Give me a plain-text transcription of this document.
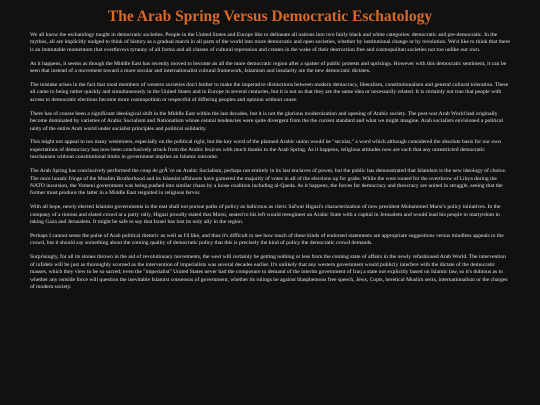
The Arab Spring Versus Democratic Eschatology

We all know the eschatology taught in democratic societies. People in the United States and Europe like to delineate all nations into two fairly black and white categories: democratic and pre-democratic. In the mythos, all are implicitly nudged to think of history as a gradual march in all parts of the world into more democratic and open societies, whether by institutional change or by revolution. We'd like to think that there is an immutable momentum that overthrows tyranny of all forms and all classes of cultural repression and creates in the wake of their destruction free and cosmopolitan societies not too unlike our own.

As it happens, it seems as though the Middle East has recently moved to become an all the more democratic region after a spatter of public protests and uprisings. However with this democratic sentiment, it can be seen that instead of a movement toward a more secular and internationalist cultural framework, Islamism and insularity are the new democratic dictates.

The mistake arises in the fact that most members of western societies don't bother to make the imperative distinctions between modern democracy, liberalism, constitutionalism and general cultural toleration. These all came to being rather quickly and simultaneously in the United States and in Europe in several centuries, but it is not so that they are the same idea or necessarily related. It is certainly not true that people with access to democratic elections become more cosmopolitan or respectful of differing peoples and opinion without cause.

There has of course been a significant ideological shift in the Middle East within the last decades, but it is not the glorious modernization and opening of Arabic society. The post-war Arab World had originally become dominated by varieties of Arabic Socialism and Nationalism whose central tendencies were quite divergent from the the current standard and what we might imagine. Arab socialists envisioned a political unity of the entire Arab world under socialist principles and political solidarity.

This might not appeal to too many westerners, especially on the political right, but the key word of the planned Arabic union would be "secular," a word which although considered the absolute basis for our own expectations of democracy has now been conclusively struck from the Arabic lexicon with much thanks to the Arab Spring. As it happens, religious attitudes now are such that any unrestricted democratic mechanism without constitutional limits in government implies an Islamic outcome.

The Arab Spring has conclusively performed the coup de grÂ¨ce on Arabic Socialism, perhaps not entirely in its last enclaves of power, but the public has demonstrated that Islamism is the new ideology of choice. The once lunatic fringe of the Muslim Brotherhood and its Islamist offshoots have garnered the majority of votes in all of the elections up for grabs. While the west rooted for the overthrow of Libya during the NATO incursion, the Yemeni government was being pushed into similar chaos by a loose coalition including al-Qaeda. As it happens, the forces for democracy and theocracy are united in struggle, seeing that the former must produce the latter in a Middle East reignited in religious fervor.

With all hope, newly elected Islamist governments in the east shall not pursue paths of policy as ludicrous as cleric Safwat Higazi's characterization of now president Mohammed Mursi's policy initiatives. In the company of a riotous and elated crowd at a party rally, Higazi proudly stated that Mursi, seated to his left would reengineer an Arabic State with a capital in Jerusalem and would lead his people to martyrdom in taking Gaza and Jerusalem. It might be safe to say that Israel has lost its only ally in the region.

Perhaps I cannot sense the pulse of Arab political rhetoric as well as I'd like, and thus it's difficult to see how much of these kinds of endorsed statements are appropriate suggestions versus mindless appeals to the crowd, but it should say something about the coming quality of democratic policy that this is precisely the kind of policy the democratic crowd demands.

Surprisingly, for all its stones thrown in the aid of revolutionary movements, the west will certainly be getting nothing or less from the coming state of affairs in the newly refashioned Arab World. The intervention of infidels will be just as thoroughly scorned as the intervention of imperialists was several decades earlier. It's unlikely that any western government would publicly interfere with the dictate of the democratic masses, which they view to be so sacred; even the "imperialist" United States never had the composure to demand of the interim government of Iraq a state not explicitly based on Islamic law, so it's dubious as to whether any outside force will question the inevitable Islamist consensus of government, whether its rulings be against blasphemous free speech, Jews, Copts, heretical Muslim sects, internationalism or the charges of modern society.
